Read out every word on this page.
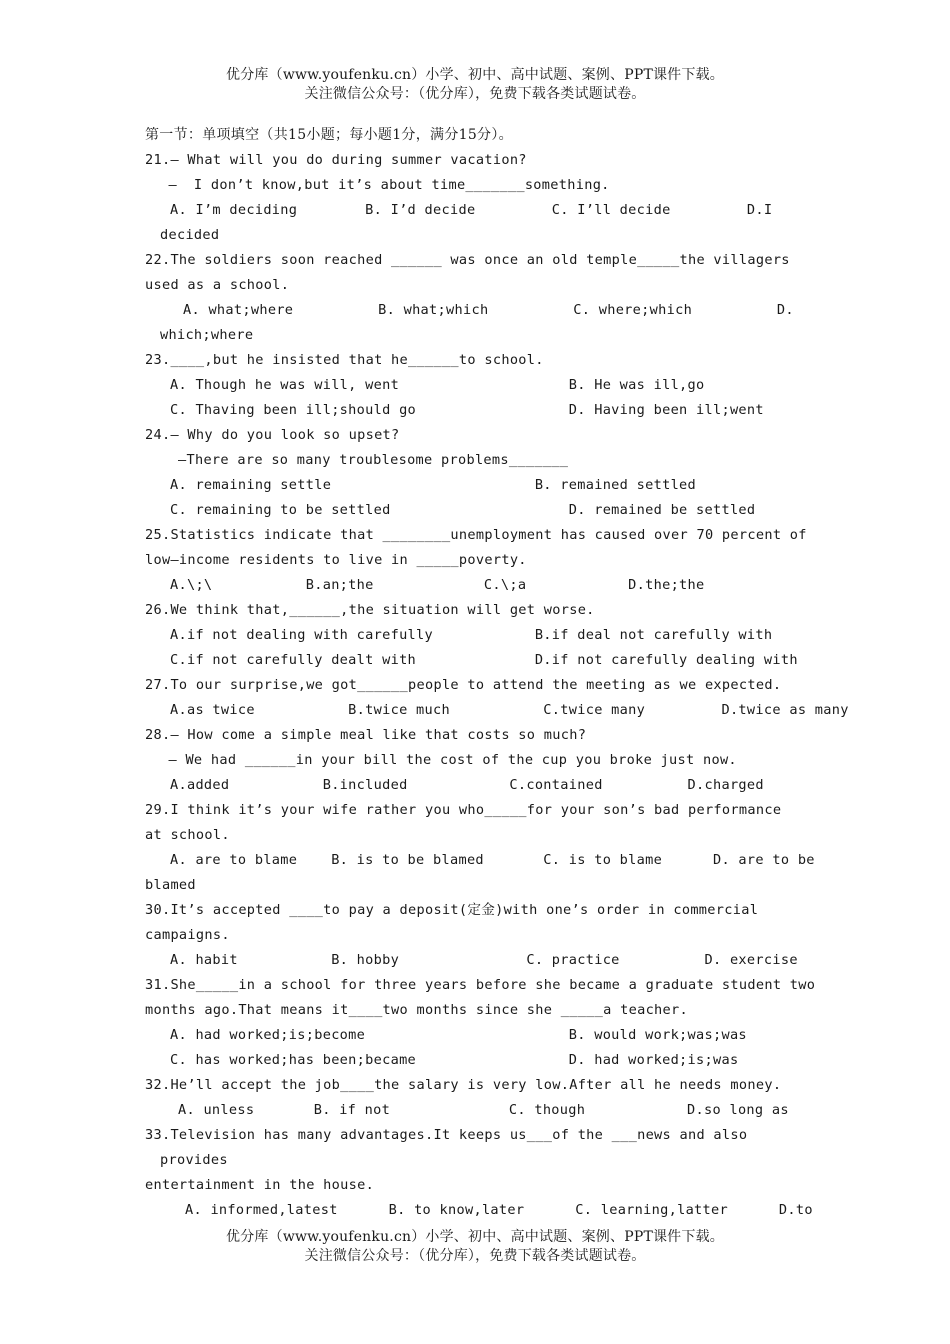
优分库（www.youfenku.cn）小学、初中、高中试题、案例、PPT课件下载。
关注微信公众号：（优分库），免费下载各类试题试卷。
第一节：单项填空（共15小题；每小题1分，满分15分）。
21.— What will you do during summer vacation?
—  I don’t know,but it’s about time_______something.
A. I’m deciding        B. I’d decide         C. I’ll decide         D.I
decided
22.The soldiers soon reached ______ was once an old temple_____the villagers
used as a school.
A. what;where          B. what;which          C. where;which          D.
which;where
23.____,but he insisted that he______to school.
A. Though he was will, went                    B. He was ill,go
C. Thaving been ill;should go                  D. Having been ill;went
24.— Why do you look so upset?
—There are so many troublesome problems_______
A. remaining settle                        B. remained settled
C. remaining to be settled                     D. remained be settled
25.Statistics indicate that ________unemployment has caused over 70 percent of
low—income residents to live in _____poverty.
A.\;\           B.an;the             C.\;a            D.the;the
26.We think that,______,the situation will get worse.
A.if not dealing with carefully            B.if deal not carefully with
C.if not carefully dealt with              D.if not carefully dealing with
27.To our surprise,we got______people to attend the meeting as we expected.
A.as twice           B.twice much           C.twice many         D.twice as many
28.— How come a simple meal like that costs so much?
— We had ______in your bill the cost of the cup you broke just now.
A.added           B.included            C.contained          D.charged
29.I think it’s your wife rather you who_____for your son’s bad performance
at school.
A. are to blame    B. is to be blamed       C. is to blame      D. are to be
blamed
30.It’s accepted ____to pay a deposit(定金)with one’s order in commercial
campaigns.
A. habit           B. hobby               C. practice          D. exercise
31.She_____in a school for three years before she became a graduate student two
months ago.That means it____two months since she _____a teacher.
A. had worked;is;become                        B. would work;was;was
C. has worked;has been;became                  D. had worked;is;was
32.He’ll accept the job____the salary is very low.After all he needs money.
A. unless       B. if not              C. though            D.so long as
33.Television has many advantages.It keeps us___of the ___news and also
provides
entertainment in the house.
A. informed,latest      B. to know,later      C. learning,latter      D.to
优分库（www.youfenku.cn）小学、初中、高中试题、案例、PPT课件下载。
关注微信公众号：（优分库），免费下载各类试题试卷。
